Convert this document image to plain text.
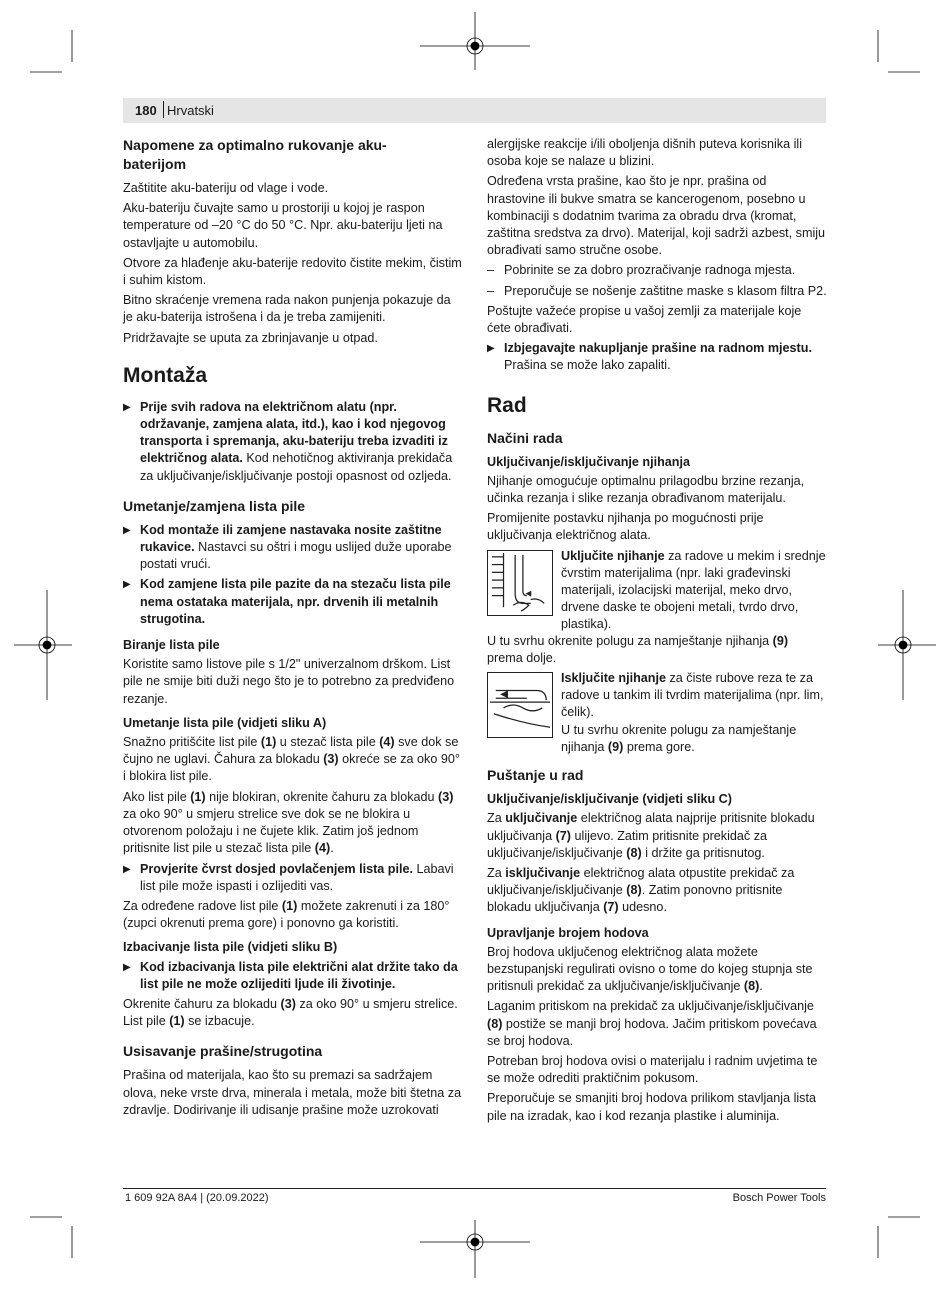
180 Hrvatski
Napomene za optimalno rukovanje aku-baterijom

Zaštitite aku-bateriju od vlage i vode.

Aku-bateriju čuvajte samo u prostoriji u kojoj je raspon temperature od –20 °C do 50 °C. Npr. aku-bateriju ljeti na ostavljajte u automobilu.

Otvore za hlađenje aku-baterije redovito čistite mekim, čistim i suhim kistom.

Bitno skraćenje vremena rada nakon punjenja pokazuje da je aku-baterija istrošena i da je treba zamijeniti.

Pridržavajte se uputa za zbrinjavanje u otpad.

Montaža
▶ Prije svih radova na električnom alatu (npr. održavanje, zamjena alata, itd.), kao i kod njegovog transporta i spremanja, aku-bateriju treba izvaditi iz električnog alata. Kod nehotičnog aktiviranja prekidača za uključivanje/isključivanje postoji opasnost od ozljeda.
Umetanje/zamjena lista pile
▶ Kod montaže ili zamjene nastavaka nosite zaštitne rukavice. Nastavci su oštri i mogu uslijed duže uporabe postati vrući.
▶ Kod zamjene lista pile pazite da na stezaču lista pile nema ostataka materijala, npr. drvenih ili metalnih strugotina.
Biranje lista pile

Koristite samo listove pile s 1/2" univerzalnom drškom. List pile ne smije biti duži nego što je to potrebno za predviđeno rezanje.

Umetanje lista pile (vidjeti sliku A)

Snažno pritišćite list pile (1) u stezač lista pile (4) sve dok se čujno ne uglavi. Čahura za blokadu (3) okreće se za oko 90° i blokira list pile.

Ako list pile (1) nije blokiran, okrenite čahuru za blokadu (3) za oko 90° u smjeru strelice sve dok se ne blokira u otvorenom položaju i ne čujete klik. Zatim još jednom pritisnite list pile u stezač lista pile (4).

▶ Provjerite čvrst dosjed povlačenjem lista pile. Labavi list pile može ispasti i ozlijediti vas.

Za određene radove list pile (1) možete zakrenuti i za 180° (zupci okrenuti prema gore) i ponovno ga koristiti.

Izbacivanje lista pile (vidjeti sliku B)
▶ Kod izbacivanja lista pile električni alat držite tako da list pile ne može ozlijediti ljude ili životinje.

Okrenite čahuru za blokadu (3) za oko 90° u smjeru strelice. List pile (1) se izbacuje.

Usisavanje prašine/strugotina

Prašina od materijala, kao što su premazi sa sadržajem olova, neke vrste drva, minerala i metala, može biti štetna za zdravlje. Dodirivanje ili udisanje prašine može uzrokovati

alergijske reakcije i/ili oboljenja dišnih puteva korisnika ili osoba koje se nalaze u blizini.

Određena vrsta prašine, kao što je npr. prašina od hrastovine ili bukve smatra se kancerogenom, posebno u kombinaciji s dodatnim tvarima za obradu drva (kromat, zaštitna sredstva za drvo). Materijal, koji sadrži azbest, smiju obrađivati samo stručne osobe.

– Pobrinite se za dobro prozračivanje radnoga mjesta.
– Preporučuje se nošenje zaštitne maske s klasom filtra P2.

Poštujte važeće propise u vašoj zemlji za materijale koje ćete obrađivati.

▶ Izbjegavajte nakupljanje prašine na radnom mjestu. Prašina se može lako zapaliti.
Rad
Načini rada
Uključivanje/isključivanje njihanja

Njihanje omogućuje optimalnu prilagodbu brzine rezanja, učinka rezanja i slike rezanja obrađivanom materijalu.

Promijenite postavku njihanja po mogućnosti prije uključivanja električnog alata.

Uključite njihanje za radove u mekim i srednje čvrstim materijalima (npr. laki građevinski materijali, izolacijski materijal, meko drvo, drvene daske te obojeni metali, tvrdo drvo, plastika).

U tu svrhu okrenite polugu za namještanje njihanja (9) prema dolje.

Isključite njihanje za čiste rubove reza te za radove u tankim ili tvrdim materijalima (npr. lim, čelik).
U tu svrhu okrenite polugu za namještanje njihanja (9) prema gore.
Puštanje u rad
Uključivanje/isključivanje (vidjeti sliku C)

Za uključivanje električnog alata najprije pritisnite blokadu uključivanja (7) ulijevo. Zatim pritisnite prekidač za uključivanje/isključivanje (8) i držite ga pritisnutog.

Za isključivanje električnog alata otpustite prekidač za uključivanje/isključivanje (8). Zatim ponovno pritisnite blokadu uključivanja (7) udesno.

Upravljanje brojem hodova

Broj hodova uključenog električnog alata možete bezstupanjski regulirati ovisno o tome do kojeg stupnja ste pritisnuli prekidač za uključivanje/isključivanje (8).

Laganim pritiskom na prekidač za uključivanje/isključivanje (8) postiže se manji broj hodova. Jačim pritiskom povećava se broj hodova.

Potreban broj hodova ovisi o materijalu i radnim uvjetima te se može odrediti praktičnim pokusom.

Preporučuje se smanjiti broj hodova prilikom stavljanja lista pile na izradak, kao i kod rezanja plastike i aluminija.

1 609 92A 8A4 | (20.09.2022)	Bosch Power Tools
